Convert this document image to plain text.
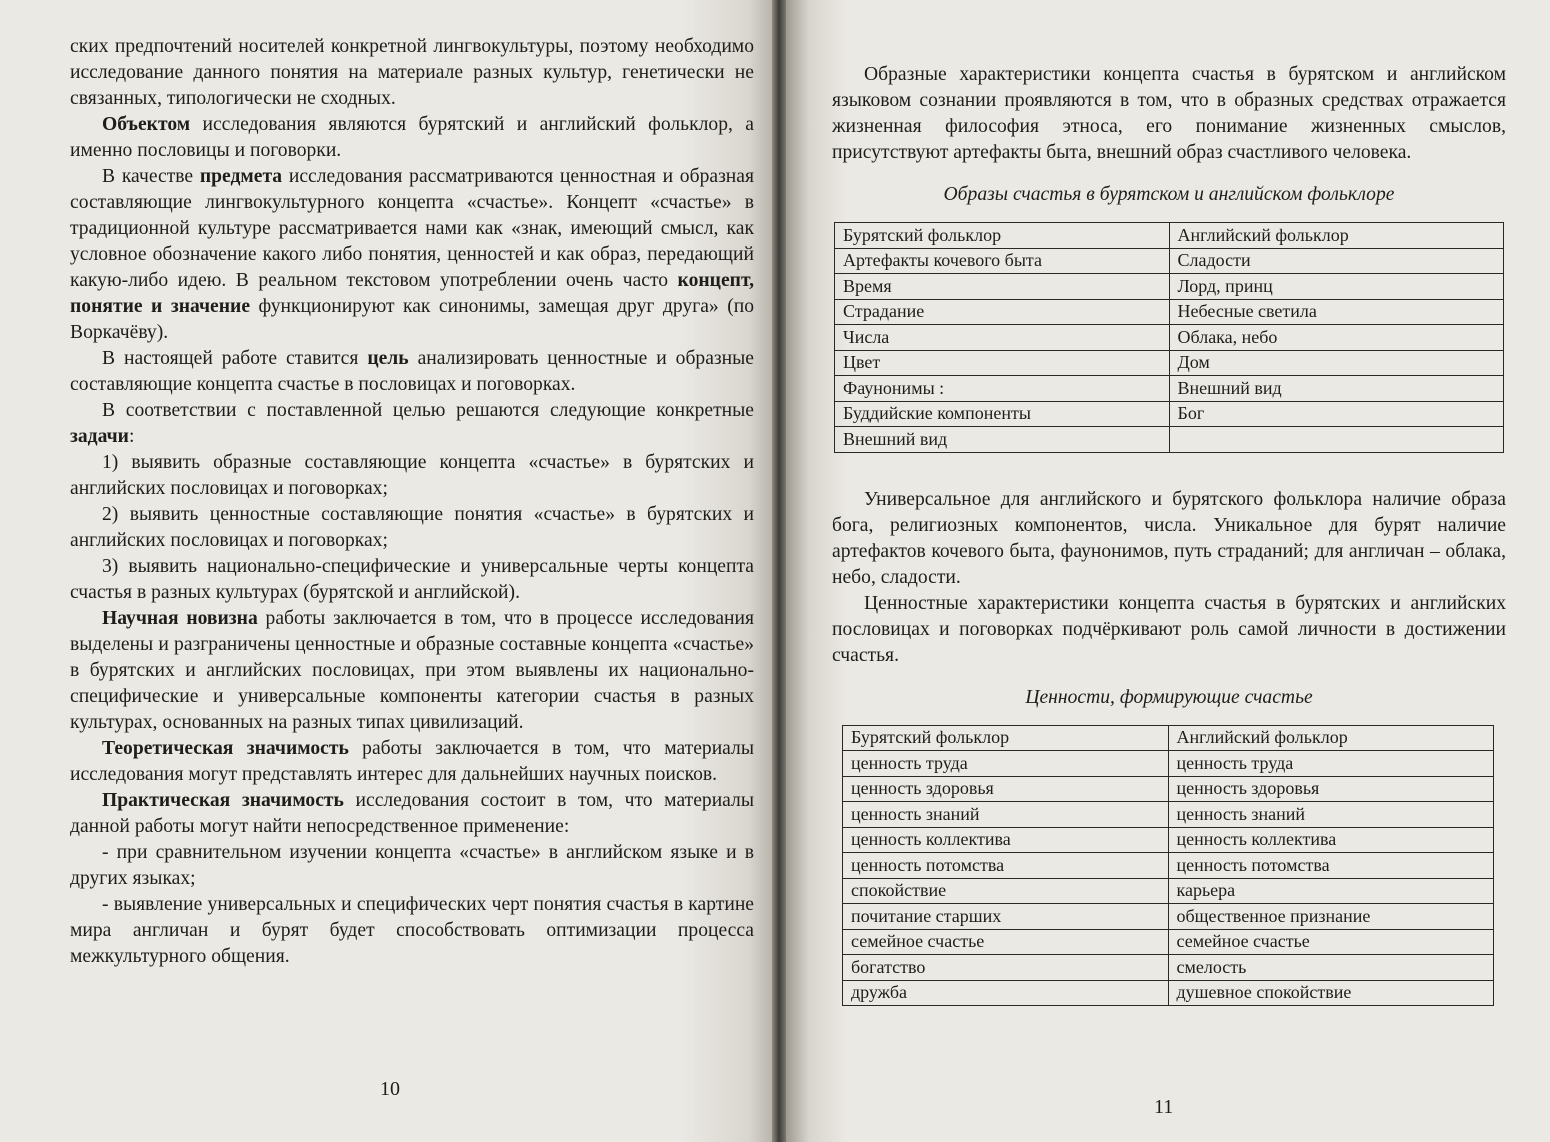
ских предпочтений носителей конкретной лингвокультуры, поэтому необходимо исследование данного понятия на материале разных культур, генетически не связанных, типологически не сходных.

Объектом исследования являются бурятский и английский фольклор, а именно пословицы и поговорки.

В качестве предмета исследования рассматриваются ценностная и образная составляющие лингвокультурного концепта «счастье». Концепт «счастье» в традиционной культуре рассматривается нами как «знак, имеющий смысл, как условное обозначение какого либо понятия, ценностей и как образ, передающий какую-либо идею. В реальном текстовом употреблении очень часто концепт, понятие и значение функционируют как синонимы, замещая друг друга» (по Воркачёву).

В настоящей работе ставится цель анализировать ценностные и образные составляющие концепта счастье в пословицах и поговорках.

В соответствии с поставленной целью решаются следующие конкретные задачи:

1) выявить образные составляющие концепта «счастье» в бурятских и английских пословицах и поговорках;

2) выявить ценностные составляющие понятия «счастье» в бурятских и английских пословицах и поговорках;

3) выявить национально-специфические и универсальные черты концепта счастья в разных культурах (бурятской и английской).

Научная новизна работы заключается в том, что в процессе исследования выделены и разграничены ценностные и образные составные концепта «счастье» в бурятских и английских пословицах, при этом выявлены их национально-специфические и универсальные компоненты категории счастья в разных культурах, основанных на разных типах цивилизаций.

Теоретическая значимость работы заключается в том, что материалы исследования могут представлять интерес для дальнейших научных поисков.

Практическая значимость исследования состоит в том, что материалы данной работы могут найти непосредственное применение:

- при сравнительном изучении концепта «счастье» в английском языке и в других языках;

- выявление универсальных и специфических черт понятия счастья в картине мира англичан и бурят будет способствовать оптимизации процесса межкультурного общения.

10

Образные характеристики концепта счастья в бурятском и английском языковом сознании проявляются в том, что в образных средствах отражается жизненная философия этноса, его понимание жизненных смыслов, присутствуют артефакты быта, внешний образ счастливого человека.

Образы счастья в бурятском и английском фольклоре
Бурятский фольклор	Английский фольклор
Артефакты кочевого быта	Сладости
Время	Лорд, принц
Страдание	Небесные светила
Числа	Облака, небо
Цвет	Дом
Фаунонимы :	Внешний вид
Буддийские компоненты	Бог
Внешний вид	

Универсальное для английского и бурятского фольклора наличие образа бога, религиозных компонентов, числа. Уникальное для бурят наличие артефактов кочевого быта, фаунонимов, путь страданий; для англичан – облака, небо, сладости.

Ценностные характеристики концепта счастья в бурятских и английских пословицах и поговорках подчёркивают роль самой личности в достижении счастья.

Ценности, формирующие счастье
Бурятский фольклор	Английский фольклор
ценность труда	ценность труда
ценность здоровья	ценность здоровья
ценность знаний	ценность знаний
ценность коллектива	ценность коллектива
ценность потомства	ценность потомства
спокойствие	карьера
почитание старших	общественное признание
семейное счастье	семейное счастье
богатство	смелость
дружба	душевное спокойствие
11
